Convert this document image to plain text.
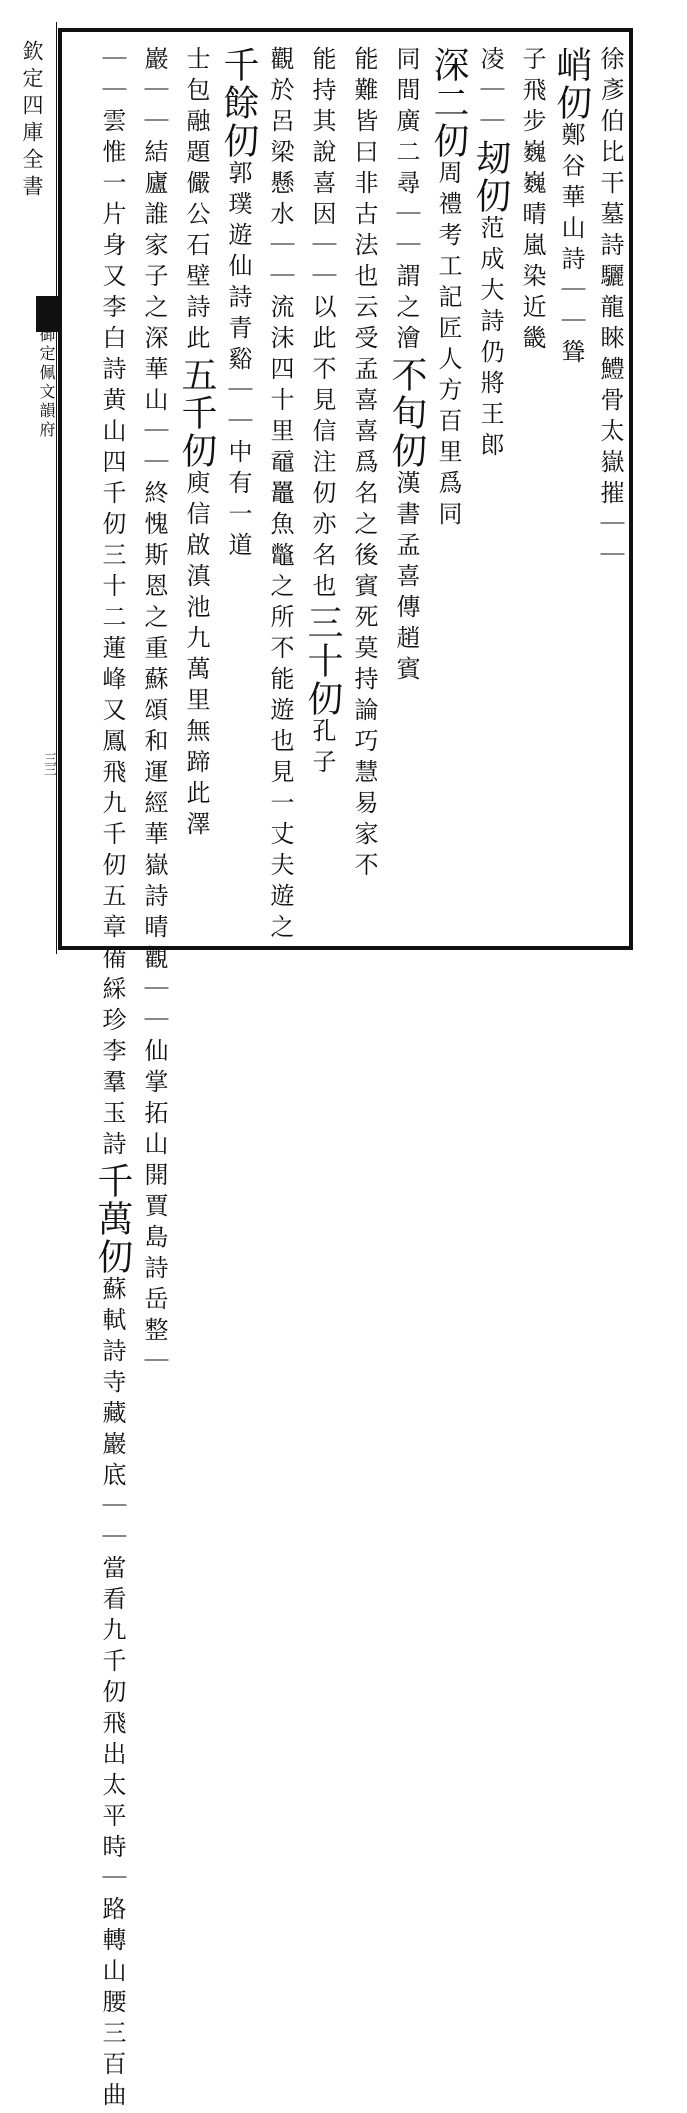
欽定四庫全書
御定佩文韻府
三三
徐彥伯比干墓詩驪龍睞鱧骨太嶽摧｜｜
峭仞鄭谷華山詩｜｜聳
子飛步巍巍晴嵐染近畿
凌｜｜刼仞范成大詩仍將王郎
深二仞周禮考工記匠人方百里爲同
同間廣二尋｜｜謂之澮不旬仞漢書孟喜傳趙賓
能難皆曰非古法也云受孟喜喜爲名之後賓死莫持論巧慧易家不
能持其說喜因｜｜以此不見信注仞亦名也三十仞孔子
觀於呂梁懸水｜｜流沫四十里黿鼉魚鼈之所不能遊也見一丈夫遊之
千餘仞郭璞遊仙詩青谿｜｜中有一道
士包融題儼公石壁詩此五千仞庾信啟滇池九萬里無蹄此澤
巖｜｜結廬誰家子之深華山｜｜終愧斯恩之重蘇頌和運經華嶽詩晴觀｜｜仙掌拓山開賈島詩岳整｜
｜｜雲惟一片身又李白詩黄山四千仞三十二蓮峰又鳳飛九千仞五章備綵珍李羣玉詩千萬仞蘇軾詩寺藏巖底｜｜當看九千仞飛出太平時｜路轉山腰三百曲
